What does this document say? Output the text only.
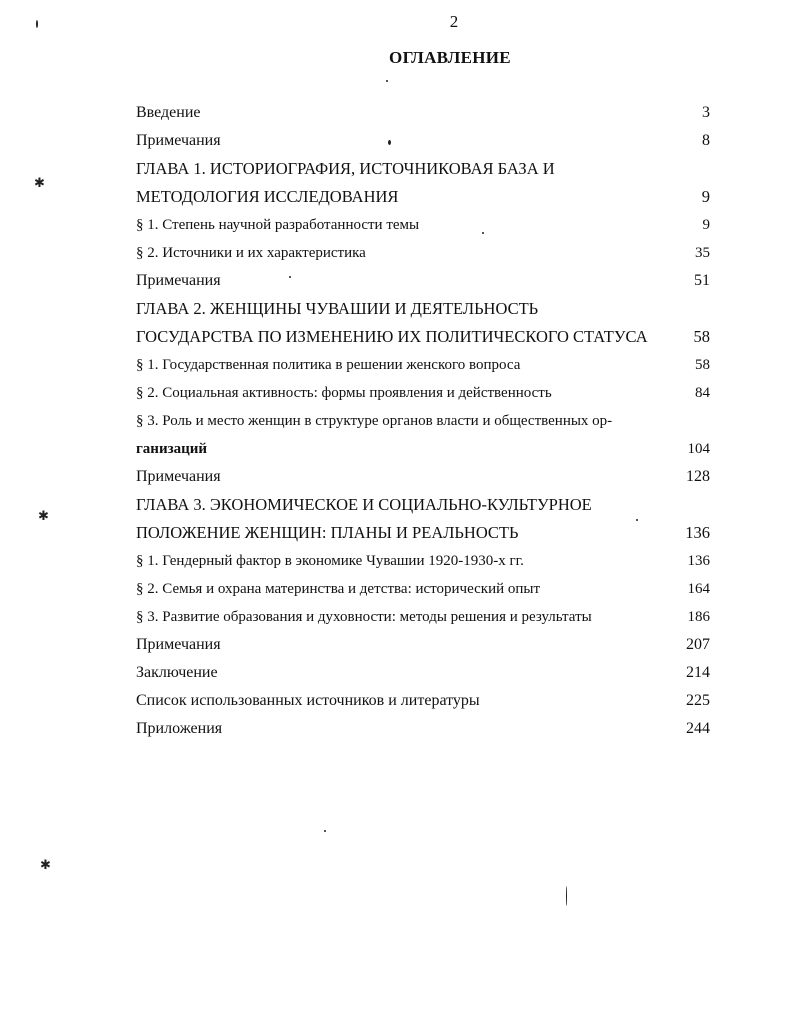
2
ОГЛАВЛЕНИЕ
Введение	3
Примечания	8
ГЛАВА 1. ИСТОРИОГРАФИЯ, ИСТОЧНИКОВАЯ БАЗА И
МЕТОДОЛОГИЯ ИССЛЕДОВАНИЯ	9
§ 1. Степень научной разработанности темы	9
§ 2. Источники и их характеристика	35
Примечания	51
ГЛАВА 2. ЖЕНЩИНЫ ЧУВАШИИ И ДЕЯТЕЛЬНОСТЬ
ГОСУДАРСТВА ПО ИЗМЕНЕНИЮ ИХ ПОЛИТИЧЕСКОГО СТАТУСА	58
§ 1. Государственная политика в решении женского вопроса	58
§ 2. Социальная активность: формы проявления и действенность	84
§ 3. Роль и место женщин в структуре органов власти и общественных ор-
ганизаций	104
Примечания	128
ГЛАВА 3. ЭКОНОМИЧЕСКОЕ И СОЦИАЛЬНО-КУЛЬТУРНОЕ
ПОЛОЖЕНИЕ ЖЕНЩИН: ПЛАНЫ И РЕАЛЬНОСТЬ	136
§ 1. Гендерный фактор в экономике Чувашии 1920-1930-х гг.	136
§ 2. Семья и охрана материнства и детства: исторический опыт	164
§ 3. Развитие образования и духовности: методы решения и результаты	186
Примечания	207
Заключение	214
Список использованных источников и литературы	225
Приложения	244
✱
✱
✱
